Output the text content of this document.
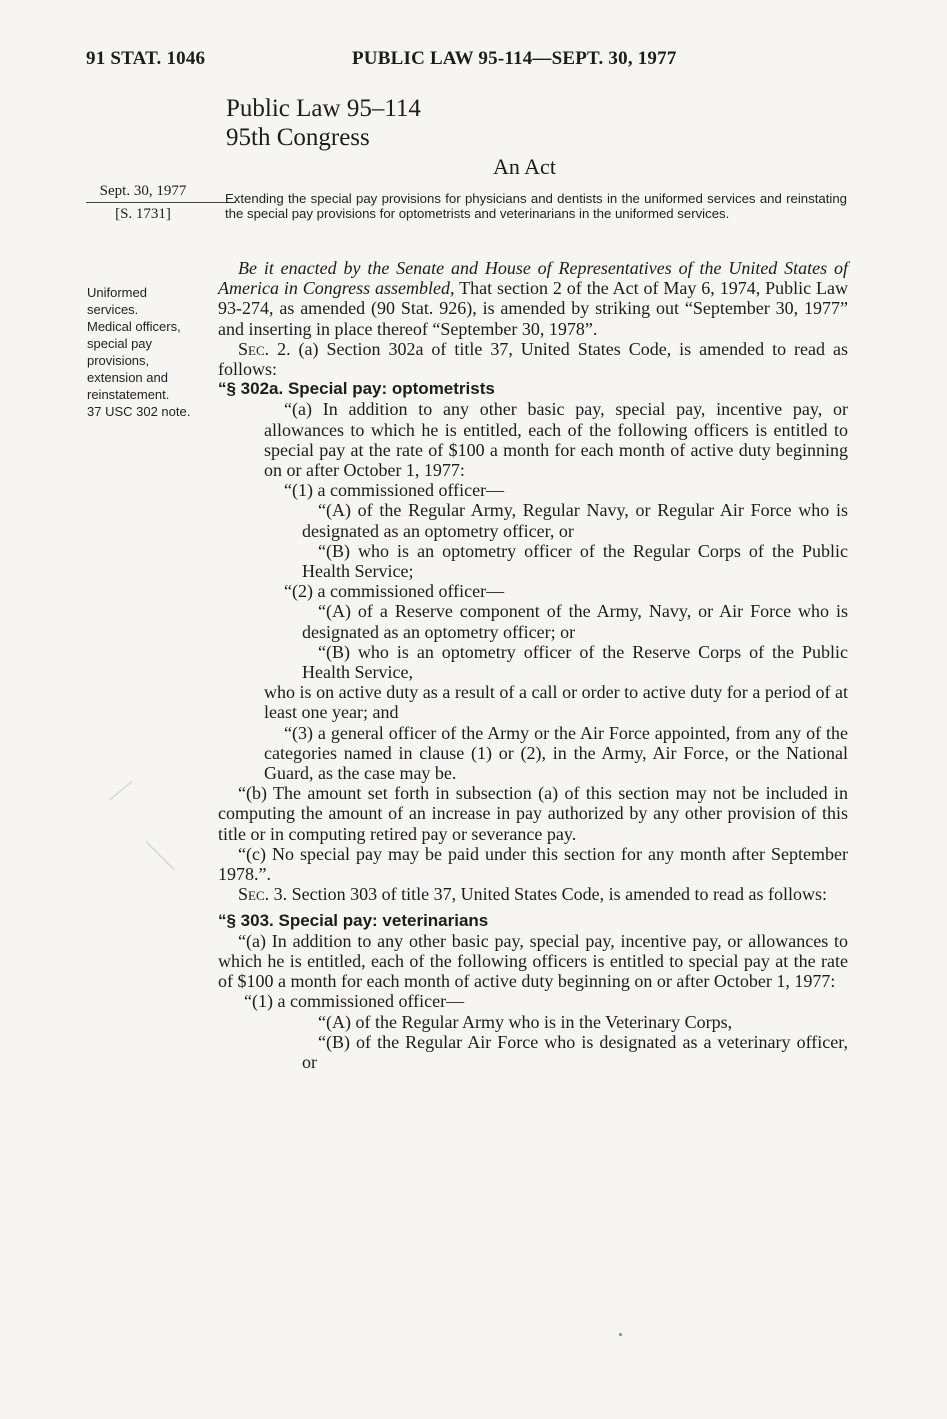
91 STAT. 1046	PUBLIC LAW 95-114—SEPT. 30, 1977
Public Law 95–114
95th Congress
An Act
Sept. 30, 1977
[S. 1731]
Extending the special pay provisions for physicians and dentists in the uniformed services and reinstating the special pay provisions for optometrists and veterinarians in the uniformed services.
Uniformed
services.
Medical officers,
special pay
provisions,
extension and
reinstatement.
37 USC 302 note.

Be it enacted by the Senate and House of Representatives of the United States of America in Congress assembled, That section 2 of the Act of May 6, 1974, Public Law 93-274, as amended (90 Stat. 926), is amended by striking out “September 30, 1977” and inserting in place thereof “September 30, 1978”.

Sec. 2. (a) Section 302a of title 37, United States Code, is amended to read as follows:

“§ 302a. Special pay: optometrists

“(a) In addition to any other basic pay, special pay, incentive pay, or allowances to which he is entitled, each of the following officers is entitled to special pay at the rate of $100 a month for each month of active duty beginning on or after October 1, 1977:

“(1) a commissioned officer—

“(A) of the Regular Army, Regular Navy, or Regular Air Force who is designated as an optometry officer, or

“(B) who is an optometry officer of the Regular Corps of the Public Health Service;

“(2) a commissioned officer—

“(A) of a Reserve component of the Army, Navy, or Air Force who is designated as an optometry officer; or

“(B) who is an optometry officer of the Reserve Corps of the Public Health Service,

who is on active duty as a result of a call or order to active duty for a period of at least one year; and

“(3) a general officer of the Army or the Air Force appointed, from any of the categories named in clause (1) or (2), in the Army, Air Force, or the National Guard, as the case may be.

“(b) The amount set forth in subsection (a) of this section may not be included in computing the amount of an increase in pay authorized by any other provision of this title or in computing retired pay or severance pay.

“(c) No special pay may be paid under this section for any month after September 1978.”.

Sec. 3. Section 303 of title 37, United States Code, is amended to read as follows:

“§ 303. Special pay: veterinarians

“(a) In addition to any other basic pay, special pay, incentive pay, or allowances to which he is entitled, each of the following officers is entitled to special pay at the rate of $100 a month for each month of active duty beginning on or after October 1, 1977:

“(1) a commissioned officer—

“(A) of the Regular Army who is in the Veterinary Corps,

“(B) of the Regular Air Force who is designated as a veterinary officer, or
